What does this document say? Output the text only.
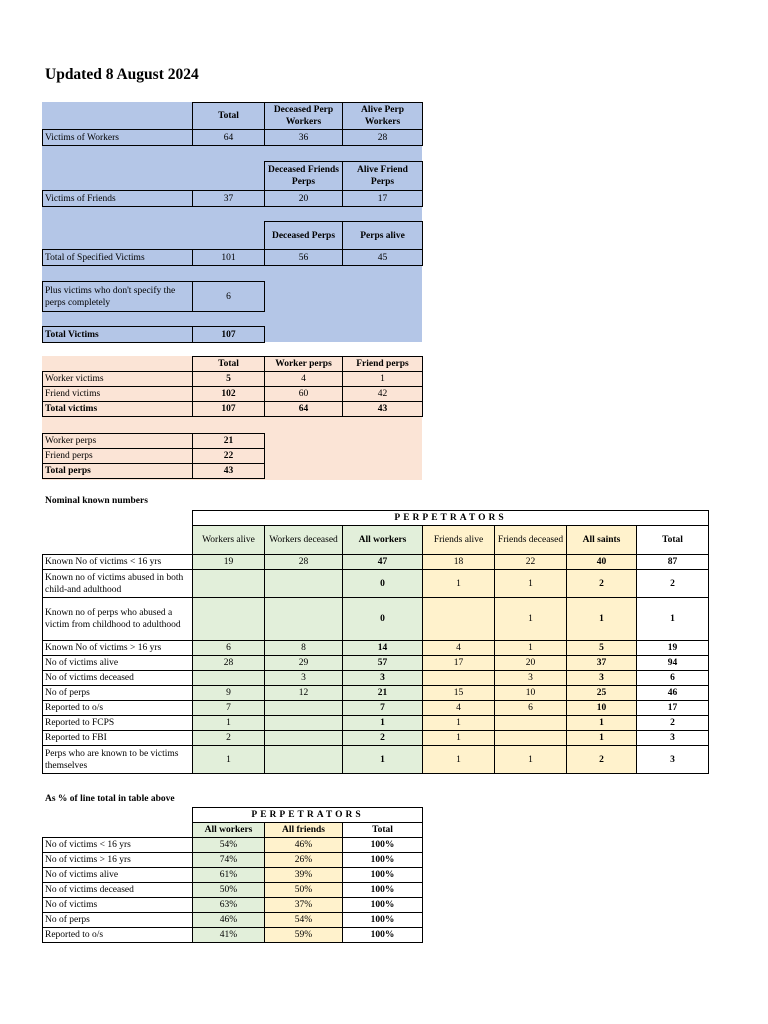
Updated 8 August 2024
	Total	Deceased Perp Workers	Alive Perp Workers
Victims of Workers	64	36	28
		Deceased Friends Perps	Alive Friend Perps
Victims of Friends	37	20	17
		Deceased Perps	Perps alive
Total of Specified Victims	101	56	45
Plus victims who don't specify the perps completely	6
Total Victims	107
	Total	Worker perps	Friend perps
Worker victims	5	4	1
Friend victims	102	60	42
Total victims	107	64	43
Worker perps	21
Friend perps	22
Total perps	43
Nominal known numbers
	PERPETRATORS						
	Workers alive	Workers deceased	All workers	Friends alive	Friends deceased	All saints	Total
Known No of victims < 16 yrs	19	28	47	18	22	40	87
Known no of victims abused in both child-and adulthood			0	1	1	2	2
Known no of perps who abused a victim from childhood to adulthood			0		1	1	1
Known No of victims > 16 yrs	6	8	14	4	1	5	19
No of victims alive	28	29	57	17	20	37	94
No of victims deceased		3	3		3	3	6
No of perps	9	12	21	15	10	25	46
Reported to o/s	7		7	4	6	10	17
Reported to FCPS	1		1	1		1	2
Reported to FBI	2		2	1		1	3
Perps who are known to be victims themselves	1		1	1	1	2	3
As % of line total in table above
	PERPETRATORS		
	All workers	All friends	Total
No of victims < 16 yrs	54%	46%	100%
No of victims > 16 yrs	74%	26%	100%
No of victims alive	61%	39%	100%
No of victims deceased	50%	50%	100%
No of victims	63%	37%	100%
No of perps	46%	54%	100%
Reported to o/s	41%	59%	100%
